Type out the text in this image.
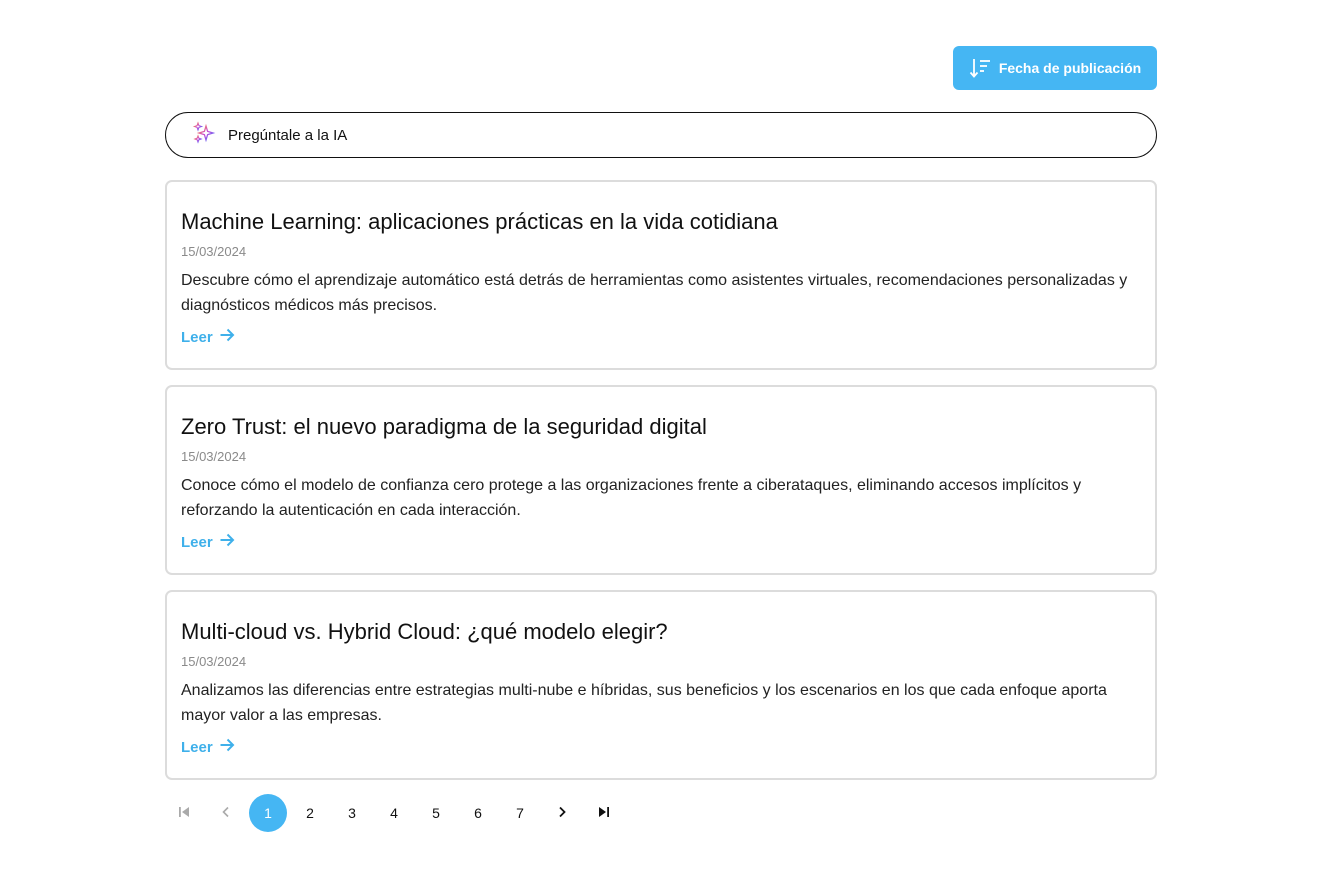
Fecha de publicación
Pregúntale a la IA
Machine Learning: aplicaciones prácticas en la vida cotidiana
15/03/2024

Descubre cómo el aprendizaje automático está detrás de herramientas como asistentes virtuales, recomendaciones personalizadas y diagnósticos médicos más precisos.

Leer
Zero Trust: el nuevo paradigma de la seguridad digital
15/03/2024

Conoce cómo el modelo de confianza cero protege a las organizaciones frente a ciberataques, eliminando accesos implícitos y reforzando la autenticación en cada interacción.

Leer
Multi-cloud vs. Hybrid Cloud: ¿qué modelo elegir?
15/03/2024

Analizamos las diferencias entre estrategias multi-nube e híbridas, sus beneficios y los escenarios en los que cada enfoque aporta mayor valor a las empresas.

Leer
1	2	3	4	5	6	7
